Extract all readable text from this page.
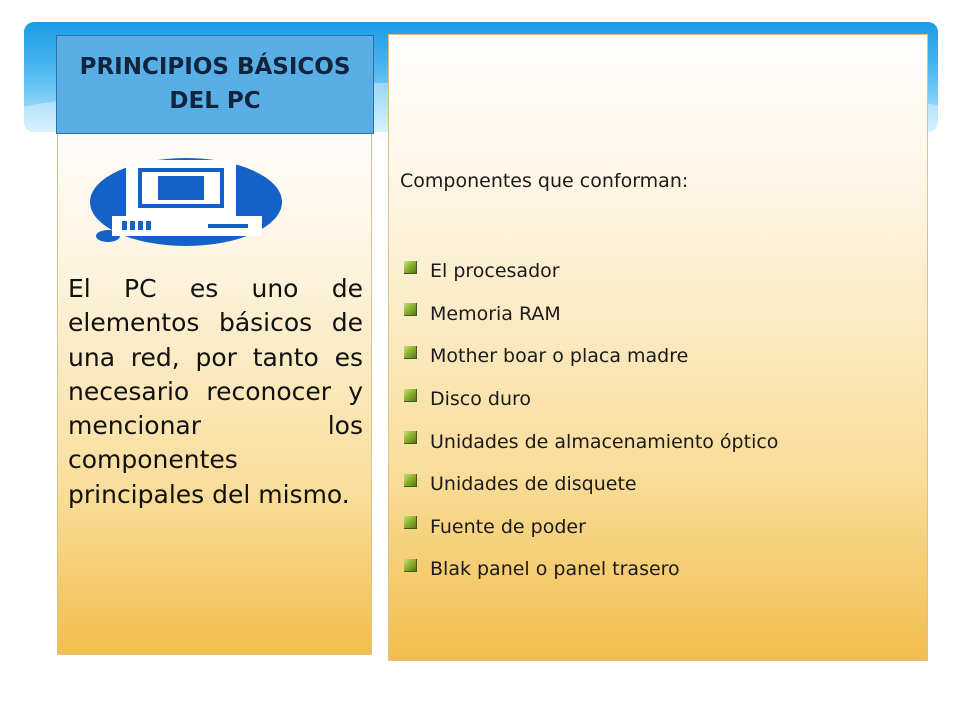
PRINCIPIOS BÁSICOS DEL PC
El PC es uno de elementos básicos de una red, por tanto es necesario reconocer y mencionar los componentes principales del mismo.
Componentes que conforman:
El procesador
Memoria RAM
Mother boar o placa madre
Disco duro
Unidades de almacenamiento óptico
Unidades de disquete
Fuente de poder
Blak panel o panel trasero
